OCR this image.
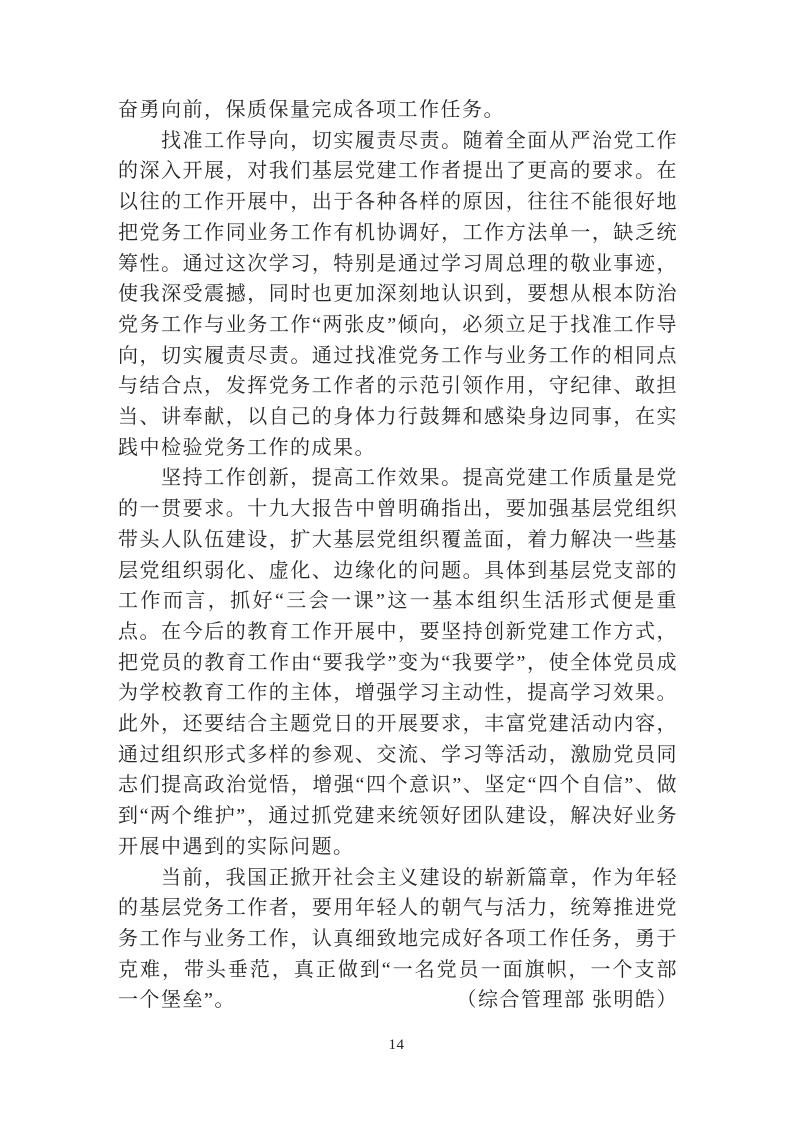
奋勇向前，保质保量完成各项工作任务。

找准工作导向，切实履责尽责。随着全面从严治党工作的深入开展，对我们基层党建工作者提出了更高的要求。在以往的工作开展中，出于各种各样的原因，往往不能很好地把党务工作同业务工作有机协调好，工作方法单一，缺乏统筹性。通过这次学习，特别是通过学习周总理的敬业事迹，使我深受震撼，同时也更加深刻地认识到，要想从根本防治党务工作与业务工作“两张皮”倾向，必须立足于找准工作导向，切实履责尽责。通过找准党务工作与业务工作的相同点与结合点，发挥党务工作者的示范引领作用，守纪律、敢担当、讲奉献，以自己的身体力行鼓舞和感染身边同事，在实践中检验党务工作的成果。

坚持工作创新，提高工作效果。提高党建工作质量是党的一贯要求。十九大报告中曾明确指出，要加强基层党组织带头人队伍建设，扩大基层党组织覆盖面，着力解决一些基层党组织弱化、虚化、边缘化的问题。具体到基层党支部的工作而言，抓好“三会一课”这一基本组织生活形式便是重点。在今后的教育工作开展中，要坚持创新党建工作方式，把党员的教育工作由“要我学”变为“我要学”，使全体党员成为学校教育工作的主体，增强学习主动性，提高学习效果。此外，还要结合主题党日的开展要求，丰富党建活动内容，通过组织形式多样的参观、交流、学习等活动，激励党员同志们提高政治觉悟，增强“四个意识”、坚定“四个自信”、做到“两个维护”，通过抓党建来统领好团队建设，解决好业务开展中遇到的实际问题。

当前，我国正掀开社会主义建设的崭新篇章，作为年轻的基层党务工作者，要用年轻人的朝气与活力，统筹推进党务工作与业务工作，认真细致地完成好各项工作任务，勇于克难，带头垂范，真正做到“一名党员一面旗帜，一个支部一个堡垒”。	（综合管理部 张明皓）

14
